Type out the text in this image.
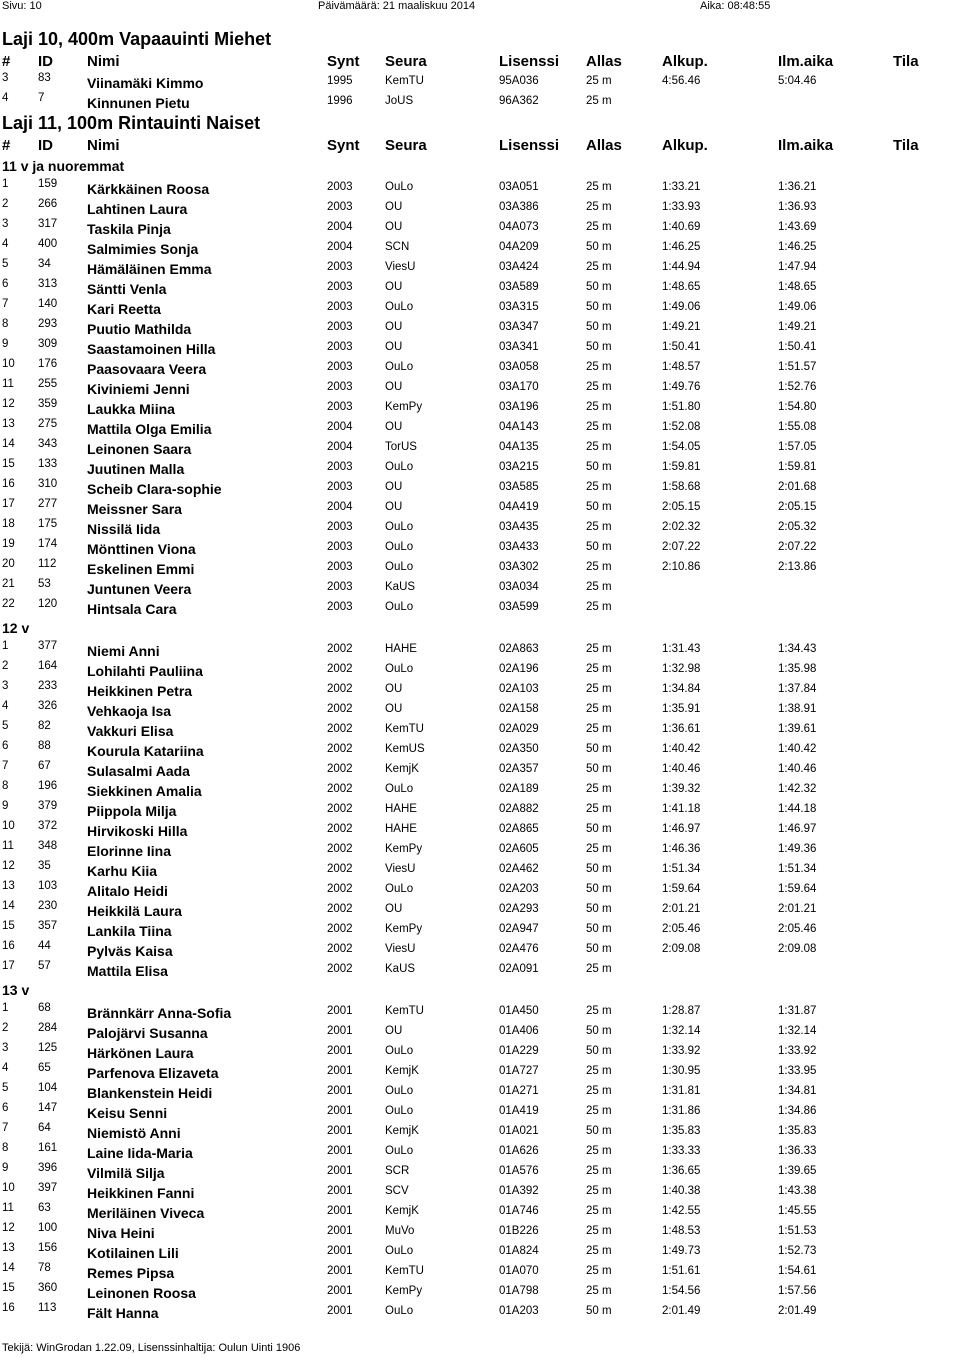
Sivu: 10	Päivämäärä: 21 maaliskuu 2014	Aika: 08:48:55
Laji 10, 400m Vapaauinti Miehet
# ID Nimi	Synt Seura	Lisenssi Allas	Alkup.	Ilm.aika	Tila
3	83	Viinamäki Kimmo	1995	KemTU	95A036	25 m	4:56.46	5:04.46
4	7	Kinnunen Pietu	1996	JoUS	96A362	25 m
Laji 11, 100m Rintauinti Naiset
# ID Nimi	Synt Seura	Lisenssi Allas	Alkup.	Ilm.aika	Tila
11 v ja nuoremmat
1	159 Kärkkäinen Roosa	2003	OuLo	03A051	25 m	1:33.21	1:36.21
2	266 Lahtinen Laura	2003	OU	03A386	25 m	1:33.93	1:36.93
3	317 Taskila Pinja	2004	OU	04A073	25 m	1:40.69	1:43.69
4	400 Salmimies Sonja	2004	SCN	04A209	50 m	1:46.25	1:46.25
5	34	Hämäläinen Emma	2003	ViesU	03A424	25 m	1:44.94	1:47.94
6	313 Säntti Venla	2003	OU	03A589	50 m	1:48.65	1:48.65
7	140 Kari Reetta	2003	OuLo	03A315	50 m	1:49.06	1:49.06
8	293 Puutio Mathilda	2003	OU	03A347	50 m	1:49.21	1:49.21
9	309 Saastamoinen Hilla	2003	OU	03A341	50 m	1:50.41	1:50.41
10 176 Paasovaara Veera	2003	OuLo	03A058	25 m	1:48.57	1:51.57
11 255 Kiviniemi Jenni	2003	OU	03A170	25 m	1:49.76	1:52.76
12 359 Laukka Miina	2003	KemPy	03A196	25 m	1:51.80	1:54.80
13 275 Mattila Olga Emilia	2004	OU	04A143	25 m	1:52.08	1:55.08
14 343 Leinonen Saara	2004	TorUS	04A135	25 m	1:54.05	1:57.05
15 133 Juutinen Malla	2003	OuLo	03A215	50 m	1:59.81	1:59.81
16 310 Scheib Clara-sophie	2003	OU	03A585	25 m	1:58.68	2:01.68
17 277 Meissner Sara	2004	OU	04A419	50 m	2:05.15	2:05.15
18 175 Nissilä Iida	2003	OuLo	03A435	25 m	2:02.32	2:05.32
19 174 Mönttinen Viona	2003	OuLo	03A433	50 m	2:07.22	2:07.22
20 112 Eskelinen Emmi	2003	OuLo	03A302	25 m	2:10.86	2:13.86
21 53	Juntunen Veera	2003	KaUS	03A034	25 m
22 120 Hintsala Cara	2003	OuLo	03A599	25 m
12 v
1	377 Niemi Anni	2002	HAHE	02A863	25 m	1:31.43	1:34.43
2	164 Lohilahti Pauliina	2002	OuLo	02A196	25 m	1:32.98	1:35.98
3	233 Heikkinen Petra	2002	OU	02A103	25 m	1:34.84	1:37.84
4	326 Vehkaoja Isa	2002	OU	02A158	25 m	1:35.91	1:38.91
5	82	Vakkuri Elisa	2002	KemTU	02A029	25 m	1:36.61	1:39.61
6	88	Kourula Katariina	2002	KemUS	02A350	50 m	1:40.42	1:40.42
7	67	Sulasalmi Aada	2002	KemjK	02A357	50 m	1:40.46	1:40.46
8	196 Siekkinen Amalia	2002	OuLo	02A189	25 m	1:39.32	1:42.32
9	379 Piippola Milja	2002	HAHE	02A882	25 m	1:41.18	1:44.18
10 372 Hirvikoski Hilla	2002	HAHE	02A865	50 m	1:46.97	1:46.97
11 348 Elorinne Iina	2002	KemPy	02A605	25 m	1:46.36	1:49.36
12 35	Karhu Kiia	2002	ViesU	02A462	50 m	1:51.34	1:51.34
13 103 Alitalo Heidi	2002	OuLo	02A203	50 m	1:59.64	1:59.64
14 230 Heikkilä Laura	2002	OU	02A293	50 m	2:01.21	2:01.21
15 357 Lankila Tiina	2002	KemPy	02A947	50 m	2:05.46	2:05.46
16 44	Pylväs Kaisa	2002	ViesU	02A476	50 m	2:09.08	2:09.08
17 57	Mattila Elisa	2002	KaUS	02A091	25 m
13 v
1	68	Brännkärr Anna-Sofia	2001	KemTU	01A450	25 m	1:28.87	1:31.87
2	284 Palojärvi Susanna	2001	OU	01A406	50 m	1:32.14	1:32.14
3	125 Härkönen Laura	2001	OuLo	01A229	50 m	1:33.92	1:33.92
4	65	Parfenova Elizaveta	2001	KemjK	01A727	25 m	1:30.95	1:33.95
5	104 Blankenstein Heidi	2001	OuLo	01A271	25 m	1:31.81	1:34.81
6	147 Keisu Senni	2001	OuLo	01A419	25 m	1:31.86	1:34.86
7	64	Niemistö Anni	2001	KemjK	01A021	50 m	1:35.83	1:35.83
8	161 Laine Iida-Maria	2001	OuLo	01A626	25 m	1:33.33	1:36.33
9	396 Vilmilä Silja	2001	SCR	01A576	25 m	1:36.65	1:39.65
10 397 Heikkinen Fanni	2001	SCV	01A392	25 m	1:40.38	1:43.38
11 63	Meriläinen Viveca	2001	KemjK	01A746	25 m	1:42.55	1:45.55
12 100 Niva Heini	2001	MuVo	01B226	25 m	1:48.53	1:51.53
13 156 Kotilainen Lili	2001	OuLo	01A824	25 m	1:49.73	1:52.73
14 78	Remes Pipsa	2001	KemTU	01A070	25 m	1:51.61	1:54.61
15 360 Leinonen Roosa	2001	KemPy	01A798	25 m	1:54.56	1:57.56
16 113 Fält Hanna	2001	OuLo	01A203	50 m	2:01.49	2:01.49
Tekijä: WinGrodan 1.22.09, Lisenssinhaltija: Oulun Uinti 1906
